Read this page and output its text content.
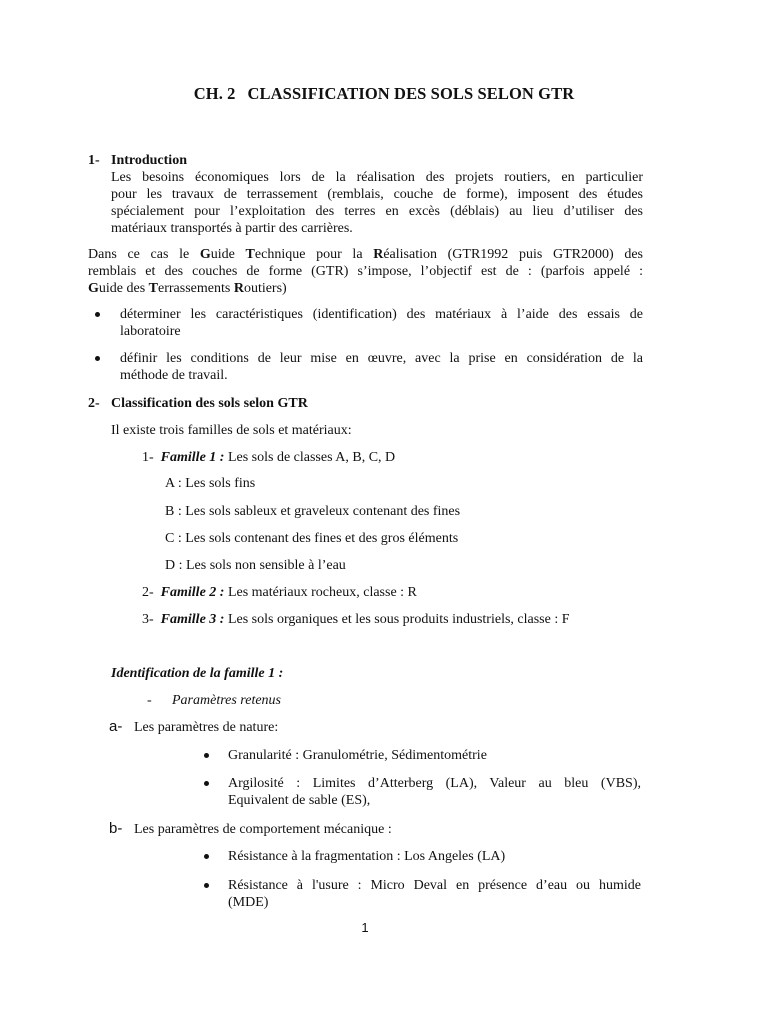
CH. 2 CLASSIFICATION DES SOLS SELON GTR
1- Introduction
Les besoins économiques lors de la réalisation des projets routiers, en particulier
pour les travaux de terrassement (remblais, couche de forme), imposent des études
spécialement pour l’exploitation des terres en excès (déblais) au lieu d’utiliser des
matériaux transportés à partir des carrières.
Dans ce cas le Guide Technique pour la Réalisation (GTR1992 puis GTR2000) des
remblais et des couches de forme (GTR) s’impose, l’objectif est de : (parfois appelé :
Guide des Terrassements Routiers)
déterminer les caractéristiques (identification) des matériaux à l’aide des essais de
laboratoire
définir les conditions de leur mise en œuvre, avec la prise en considération de la
méthode de travail.
2- Classification des sols selon GTR
Il existe trois familles de sols et matériaux:
1- Famille 1 : Les sols de classes A, B, C, D
A : Les sols fins
B : Les sols sableux et graveleux contenant des fines
C : Les sols contenant des fines et des gros éléments
D : Les sols non sensible à l’eau
2- Famille 2 : Les matériaux rocheux, classe : R
3- Famille 3 : Les sols organiques et les sous produits industriels, classe : F
Identification de la famille 1 :
- Paramètres retenus
a- Les paramètres de nature:
Granularité : Granulométrie, Sédimentométrie
Argilosité : Limites d’Atterberg (LA), Valeur au bleu (VBS),
Equivalent de sable (ES),
b- Les paramètres de comportement mécanique :
Résistance à la fragmentation : Los Angeles (LA)
Résistance à l'usure : Micro Deval en présence d’eau ou humide
(MDE)
1
